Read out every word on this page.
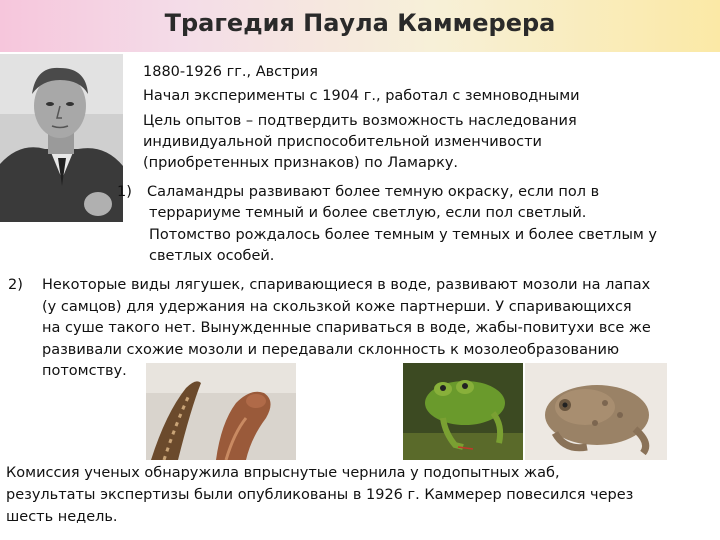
Трагедия Паула Каммерера
1880-1926 гг., Австрия
Начал эксперименты с 1904 г., работал с земноводными
Цель опытов – подтвердить возможность наследования
индивидуальной приспособительной изменчивости
(приобретенных признаков) по Ламарку.
1) Саламандры развивают более темную окраску, если пол в
террариуме темный и более светлую, если пол светлый.
Потомство рождалось более темным у темных и более светлым у
светлых особей.
2) Некоторые виды лягушек, спаривающиеся в воде, развивают мозоли на лапах
(у самцов) для удержания на скользкой коже партнерши. У спаривающихся
на суше такого нет. Вынужденные спариваться в воде, жабы-повитухи все же
развивали схожие мозоли и передавали склонность к мозолеобразованию
потомству.
Комиссия ученых обнаружила впрыснутые чернила у подопытных жаб,
результаты экспертизы были опубликованы в 1926 г. Каммерер повесился через
шесть недель.
